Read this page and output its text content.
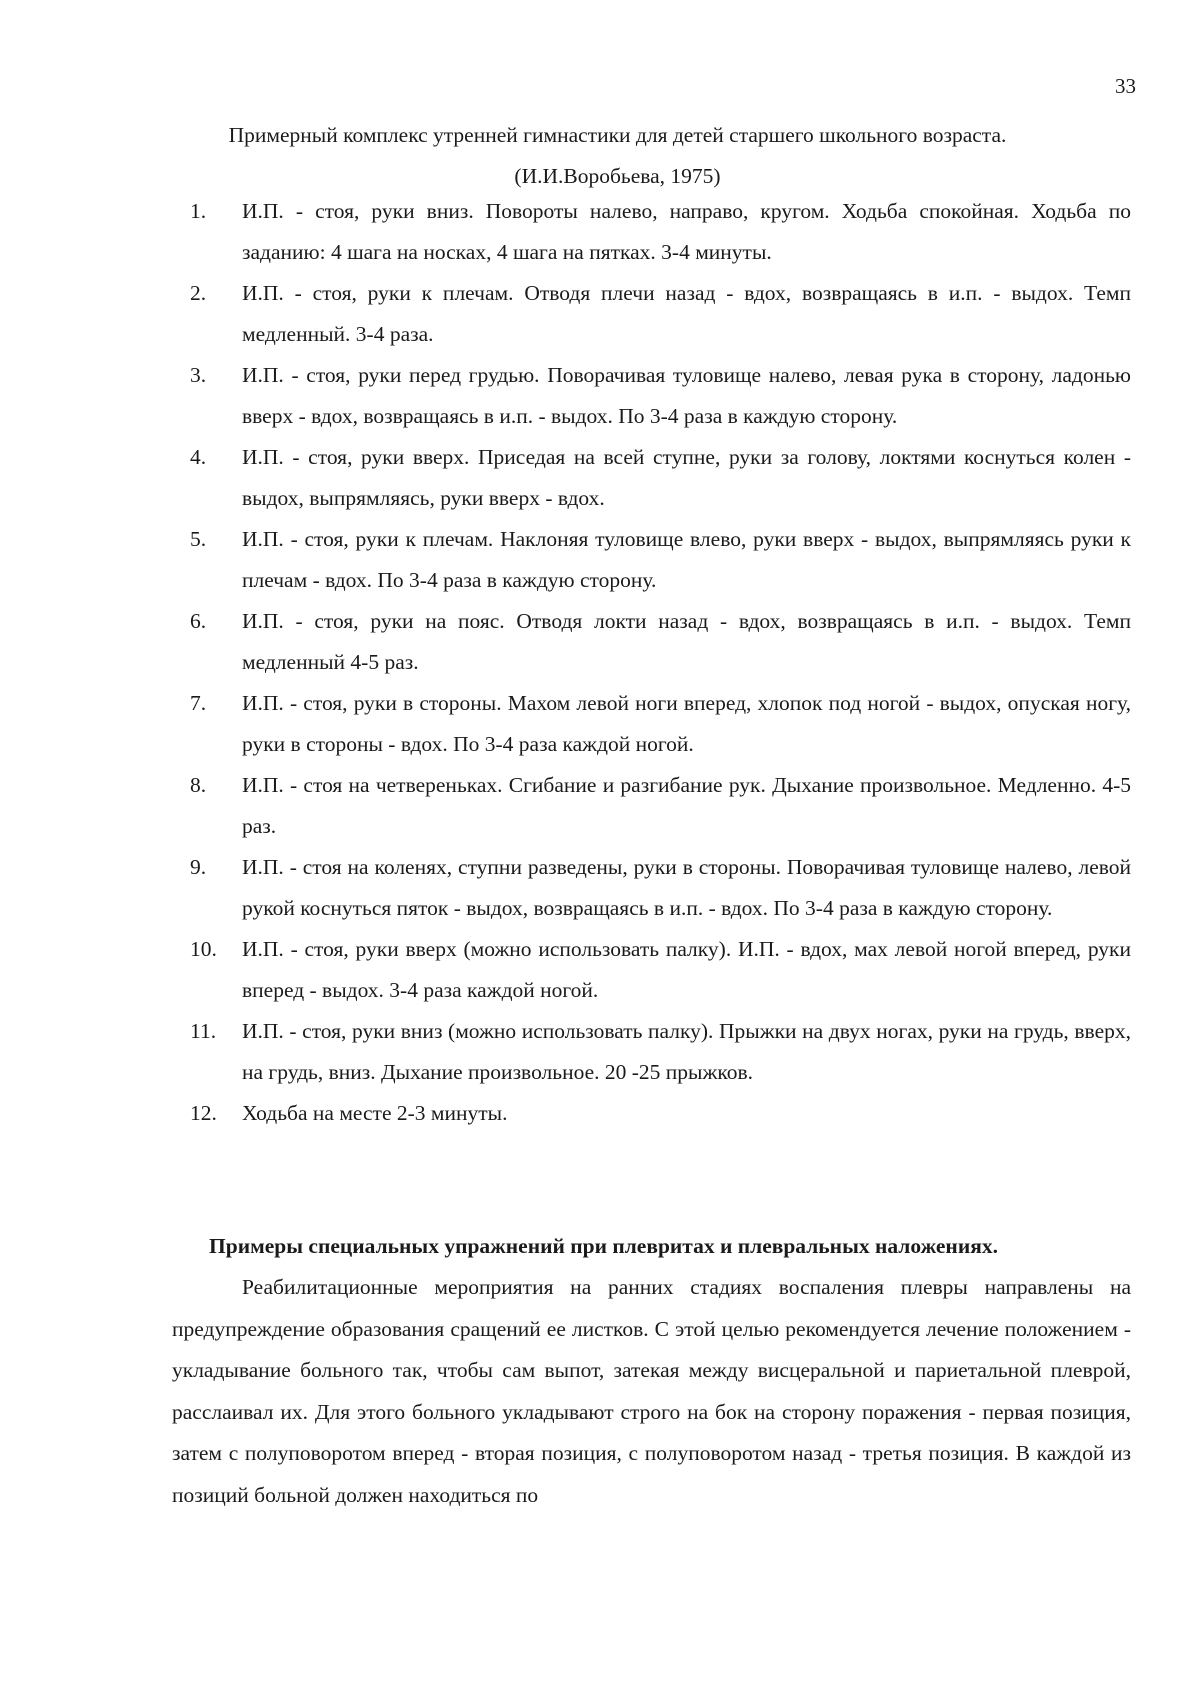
33
Примерный комплекс утренней гимнастики для детей старшего школьного возраста.
(И.И.Воробьева, 1975)
1.	И.П. - стоя, руки вниз. Повороты налево, направо, кругом. Ходьба спокойная. Ходьба по заданию: 4 шага на носках, 4 шага на пятках. 3-4 минуты.
2.	И.П. - стоя, руки к плечам. Отводя плечи назад - вдох, возвращаясь в и.п. - выдох. Темп медленный. 3-4 раза.
3.	И.П. - стоя, руки перед грудью. Поворачивая туловище налево, левая рука в сторону, ладонью вверх - вдох, возвращаясь в и.п. - выдох. По 3-4 раза в каждую сторону.
4.	И.П. - стоя, руки вверх. Приседая на всей ступне, руки за голову, локтями коснуться колен - выдох, выпрямляясь, руки вверх - вдох.
5.	И.П. - стоя, руки к плечам. Наклоняя туловище влево, руки вверх - выдох, выпрямляясь руки к плечам - вдох. По 3-4 раза в каждую сторону.
6.	И.П. - стоя, руки на пояс. Отводя локти назад - вдох, возвращаясь в и.п. - выдох. Темп медленный 4-5 раз.
7.	И.П. - стоя, руки в стороны. Махом левой ноги вперед, хлопок под ногой - выдох, опуская ногу, руки в стороны - вдох. По 3-4 раза каждой ногой.
8.	И.П. - стоя на четвереньках. Сгибание и разгибание рук. Дыхание произвольное. Медленно. 4-5 раз.
9.	И.П. - стоя на коленях, ступни разведены, руки в стороны. Поворачивая туловище налево, левой рукой коснуться пяток - выдох, возвращаясь в и.п. - вдох. По 3-4 раза в каждую сторону.
10.	И.П. - стоя, руки вверх (можно использовать палку). И.П. - вдох, мах левой ногой вперед, руки вперед - выдох. 3-4 раза каждой ногой.
11.	И.П. - стоя, руки вниз (можно использовать палку). Прыжки на двух ногах, руки на грудь, вверх, на грудь, вниз. Дыхание произвольное. 20 -25 прыжков.
12.	Ходьба на месте 2-3 минуты.
Примеры специальных упражнений при плевритах и плевральных наложениях.

Реабилитационные мероприятия на ранних стадиях воспаления плевры направлены на предупреждение образования сращений ее листков. С этой целью рекомендуется лечение положением - укладывание больного так, чтобы сам выпот, затекая между висцеральной и париетальной плеврой, расслаивал их. Для этого больного укладывают строго на бок на сторону поражения - первая позиция, затем с полуповоротом вперед - вторая позиция, с полуповоротом назад - третья позиция. В каждой из позиций больной должен находиться по
